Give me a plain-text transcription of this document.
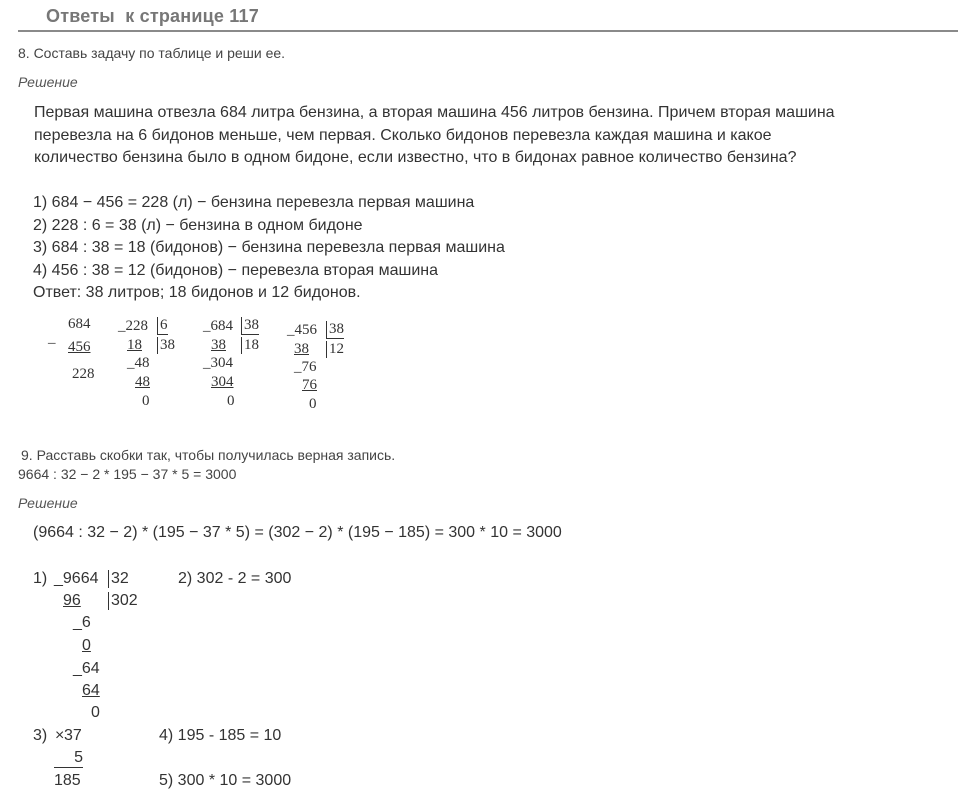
Ответы  к странице 117
8. Составь задачу по таблице и реши ее.
Решение
Первая машина отвезла 684 литра бензина, а вторая машина 456 литров бензина. Причем вторая машина
перевезла на 6 бидонов меньше, чем первая. Сколько бидонов перевезла каждая машина и какое
количество бензина было в одном бидоне, если известно, что в бидонах равное количество бензина?
1) 684 − 456 = 228 (л) − бензина перевезла первая машина
2) 228 : 6 = 38 (л) − бензина в одном бидоне
3) 684 : 38 = 18 (бидонов) − бензина перевезла первая машина
4) 456 : 38 = 12 (бидонов) − перевезла вторая машина
Ответ: 38 литров; 18 бидонов и 12 бидонов.
_
684
456
228
_228 6
18 38
_48
48
0
_684 38
38 18
_304
304
0
_456 38
38 12
_76
76
0
9. Расставь скобки так, чтобы получилась верная запись.
9664 : 32 − 2 * 195 − 37 * 5 = 3000
Решение
(9664 : 32 − 2) * (195 − 37 * 5) = (302 − 2) * (195 − 185) = 300 * 10 = 3000
1) _9664 32
96 302
_6
0
_64
64
0
2) 302 - 2 = 300
3) × 37
5
185
4) 195 - 185 = 10
5) 300 * 10 = 3000
